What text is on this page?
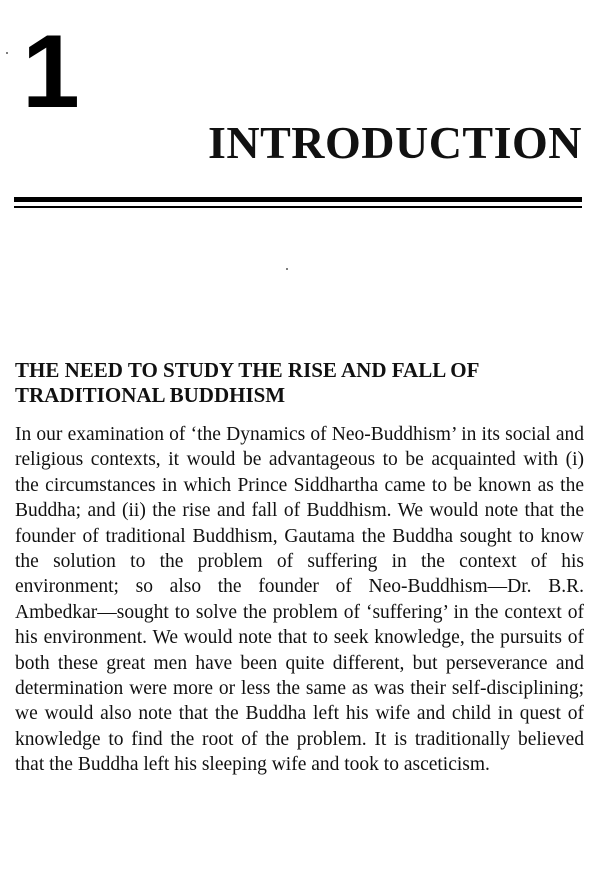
1
INTRODUCTION
THE NEED TO STUDY THE RISE AND FALL OF TRADITIONAL BUDDHISM

In our examination of ‘the Dynamics of Neo-Buddhism’ in its social and religious contexts, it would be advantageous to be acquainted with (i) the circumstances in which Prince Siddhartha came to be known as the Buddha; and (ii) the rise and fall of Buddhism. We would note that the founder of traditional Buddhism, Gautama the Buddha sought to know the solution to the problem of suffering in the context of his environment; so also the founder of Neo-Buddhism—Dr. B.R. Ambedkar—sought to solve the problem of ‘suffering’ in the context of his environment. We would note that to seek knowledge, the pursuits of both these great men have been quite different, but perseverance and determination were more or less the same as was their self-disciplining; we would also note that the Buddha left his wife and child in quest of knowledge to find the root of the problem. It is traditionally believed that the Buddha left his sleeping wife and took to asceticism.
